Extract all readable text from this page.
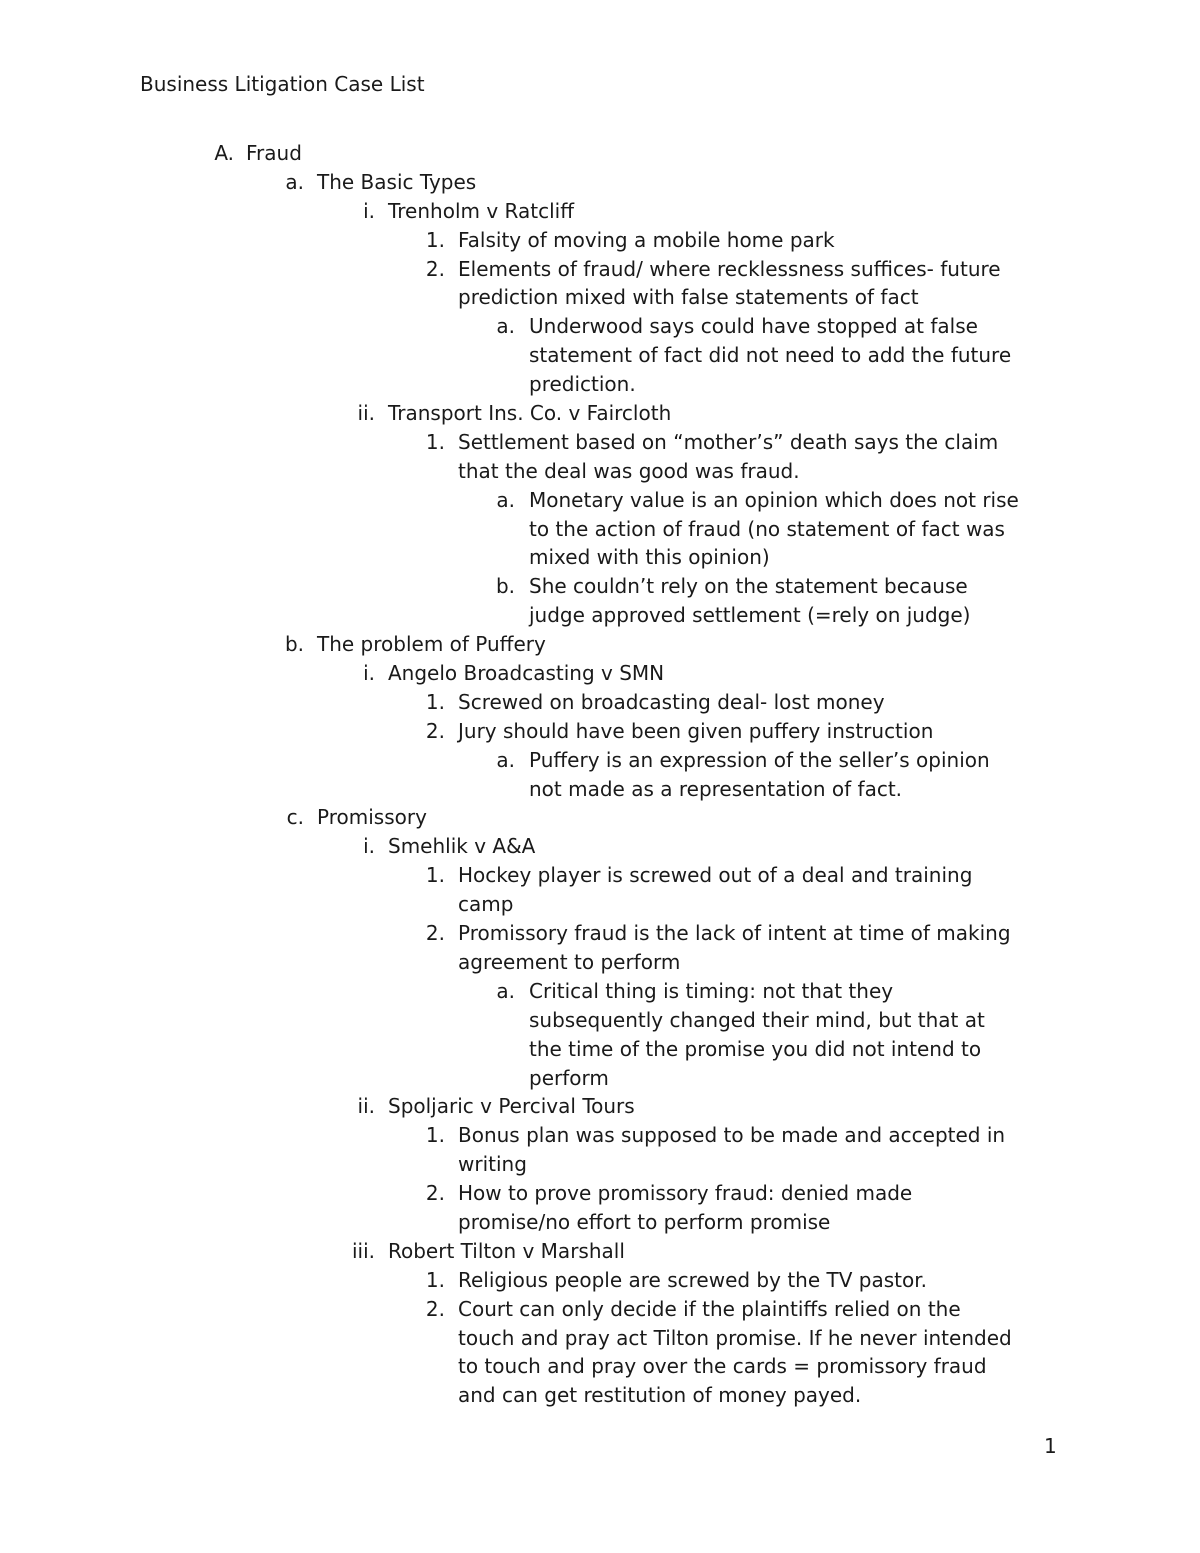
Business Litigation Case List
A. Fraud
a. The Basic Types
i. Trenholm v Ratcliff
1. Falsity of moving a mobile home park
2. Elements of fraud/ where recklessness suffices- future
prediction mixed with false statements of fact
a. Underwood says could have stopped at false
statement of fact did not need to add the future
prediction.
ii. Transport Ins. Co. v Faircloth
1. Settlement based on “mother’s” death says the claim
that the deal was good was fraud.
a. Monetary value is an opinion which does not rise
to the action of fraud (no statement of fact was
mixed with this opinion)
b. She couldn’t rely on the statement because
judge approved settlement (=rely on judge)
b. The problem of Puffery
i. Angelo Broadcasting v SMN
1. Screwed on broadcasting deal- lost money
2. Jury should have been given puffery instruction
a. Puffery is an expression of the seller’s opinion
not made as a representation of fact.
c. Promissory
i. Smehlik v A&A
1. Hockey player is screwed out of a deal and training
camp
2. Promissory fraud is the lack of intent at time of making
agreement to perform
a. Critical thing is timing: not that they
subsequently changed their mind, but that at
the time of the promise you did not intend to
perform
ii. Spoljaric v Percival Tours
1. Bonus plan was supposed to be made and accepted in
writing
2. How to prove promissory fraud: denied made
promise/no effort to perform promise
iii. Robert Tilton v Marshall
1. Religious people are screwed by the TV pastor.
2. Court can only decide if the plaintiffs relied on the
touch and pray act Tilton promise. If he never intended
to touch and pray over the cards = promissory fraud
and can get restitution of money payed.
1
